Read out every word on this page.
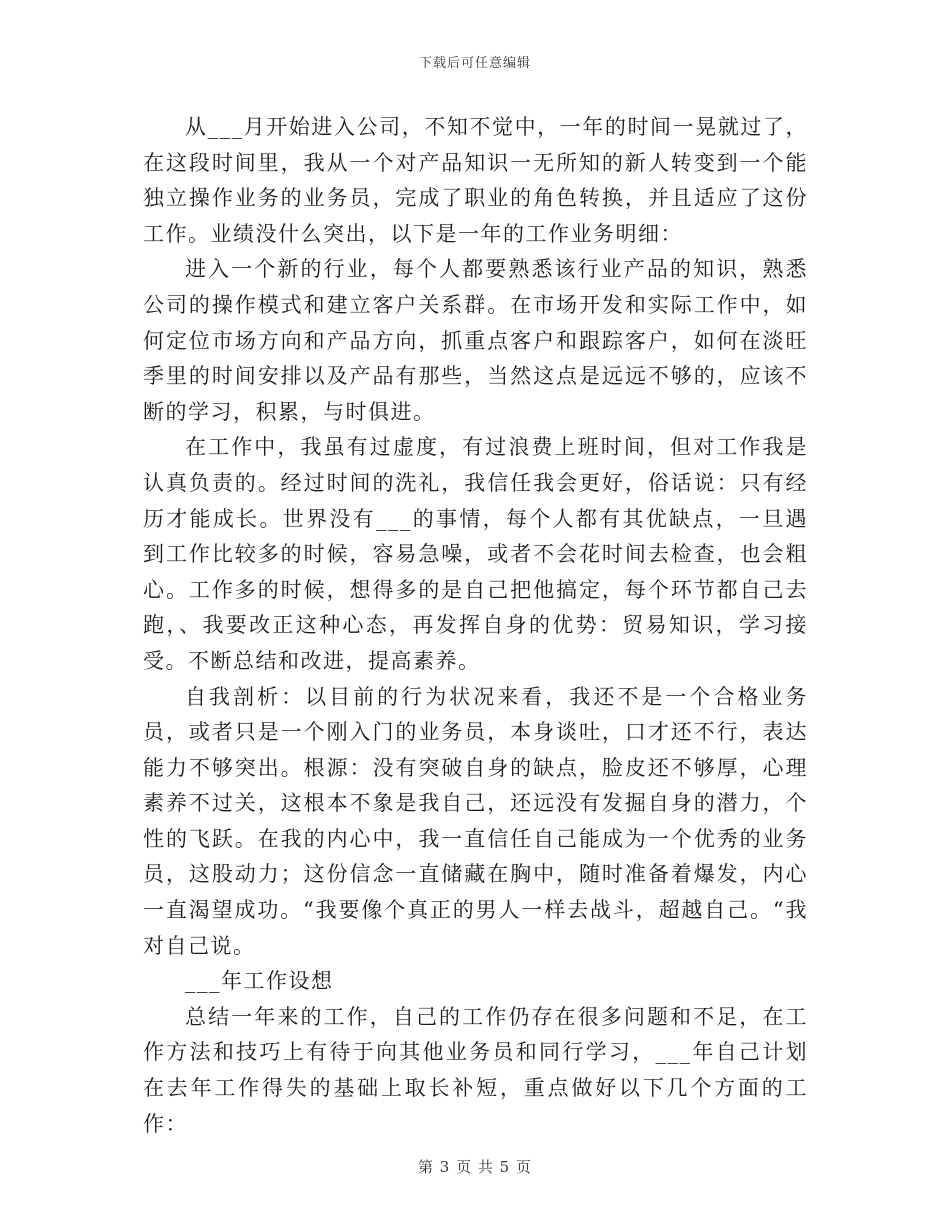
下载后可任意编辑

从___月开始进入公司，不知不觉中，一年的时间一晃就过了，在这段时间里，我从一个对产品知识一无所知的新人转变到一个能独立操作业务的业务员，完成了职业的角色转换，并且适应了这份工作。业绩没什么突出，以下是一年的工作业务明细：

进入一个新的行业，每个人都要熟悉该行业产品的知识，熟悉公司的操作模式和建立客户关系群。在市场开发和实际工作中，如何定位市场方向和产品方向，抓重点客户和跟踪客户，如何在淡旺季里的时间安排以及产品有那些，当然这点是远远不够的，应该不断的学习，积累，与时俱进。

在工作中，我虽有过虚度，有过浪费上班时间，但对工作我是认真负责的。经过时间的洗礼，我信任我会更好，俗话说：只有经历才能成长。世界没有___的事情，每个人都有其优缺点，一旦遇到工作比较多的时候，容易急噪，或者不会花时间去检查，也会粗心。工作多的时候，想得多的是自己把他搞定，每个环节都自己去跑，、我要改正这种心态，再发挥自身的优势：贸易知识，学习接受。不断总结和改进，提高素养。

自我剖析：以目前的行为状况来看，我还不是一个合格业务员，或者只是一个刚入门的业务员，本身谈吐，口才还不行，表达能力不够突出。根源：没有突破自身的缺点，脸皮还不够厚，心理素养不过关，这根本不象是我自己，还远没有发掘自身的潜力，个性的飞跃。在我的内心中，我一直信任自己能成为一个优秀的业务员，这股动力；这份信念一直储藏在胸中，随时准备着爆发，内心一直渴望成功。“我要像个真正的男人一样去战斗，超越自己。“我对自己说。

___年工作设想

总结一年来的工作，自己的工作仍存在很多问题和不足，在工作方法和技巧上有待于向其他业务员和同行学习，___年自己计划在去年工作得失的基础上取长补短，重点做好以下几个方面的工作：

第 3 页 共 5 页
